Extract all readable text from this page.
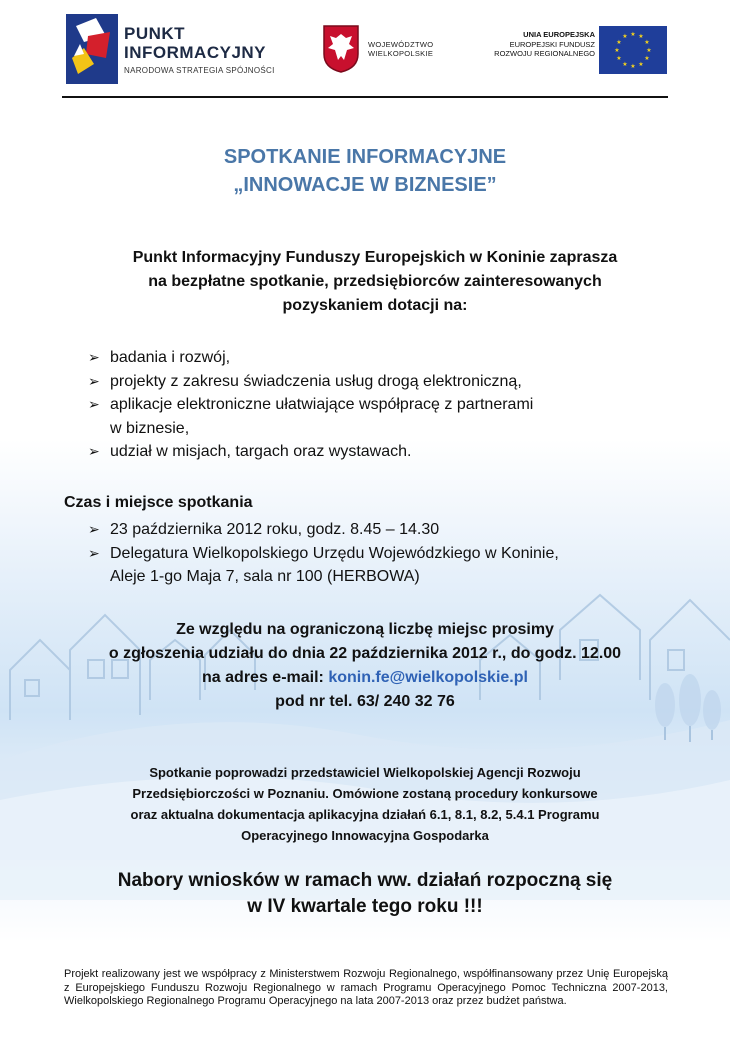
PUNKT
INFORMACYJNY
NARODOWA STRATEGIA SPÓJNOŚCI
WOJEWÓDZTWO
WIELKOPOLSKIE
UNIA EUROPEJSKA
EUROPEJSKI FUNDUSZ
ROZWOJU REGIONALNEGO
★ ★
★
★
★
★
★
★
★
★
★
★
SPOTKANIE INFORMACYJNE
„INNOWACJE W BIZNESIE”
Punkt Informacyjny Funduszy Europejskich w Koninie zaprasza
na bezpłatne spotkanie, przedsiębiorców zainteresowanych
pozyskaniem dotacji na:
➢ badania i rozwój,
➢ projekty z zakresu świadczenia usług drogą elektroniczną,
➢ aplikacje elektroniczne ułatwiające współpracę z partnerami
w biznesie,
➢ udział w misjach, targach oraz wystawach.
Czas i miejsce spotkania
➢ 23 października 2012 roku, godz. 8.45 – 14.30
➢ Delegatura Wielkopolskiego Urzędu Wojewódzkiego w Koninie,
Aleje 1-go Maja 7, sala nr 100 (HERBOWA)
Ze względu na ograniczoną liczbę miejsc prosimy
o zgłoszenia udziału do dnia 22 października 2012 r., do godz. 12.00
na adres e-mail: konin.fe@wielkopolskie.pl
pod nr tel. 63/ 240 32 76
Spotkanie poprowadzi przedstawiciel Wielkopolskiej Agencji Rozwoju
Przedsiębiorczości w Poznaniu. Omówione zostaną procedury konkursowe
oraz aktualna dokumentacja aplikacyjna działań 6.1, 8.1, 8.2, 5.4.1 Programu
Operacyjnego Innowacyjna Gospodarka
Nabory wniosków w ramach ww. działań rozpoczną się
w IV kwartale tego roku !!!
Projekt realizowany jest we współpracy z Ministerstwem Rozwoju Regionalnego, współfinansowany przez Unię Europejską z Europejskiego Funduszu Rozwoju Regionalnego w ramach Programu Operacyjnego Pomoc Techniczna 2007-2013, Wielkopolskiego Regionalnego Programu Operacyjnego na lata 2007-2013 oraz przez budżet państwa.
